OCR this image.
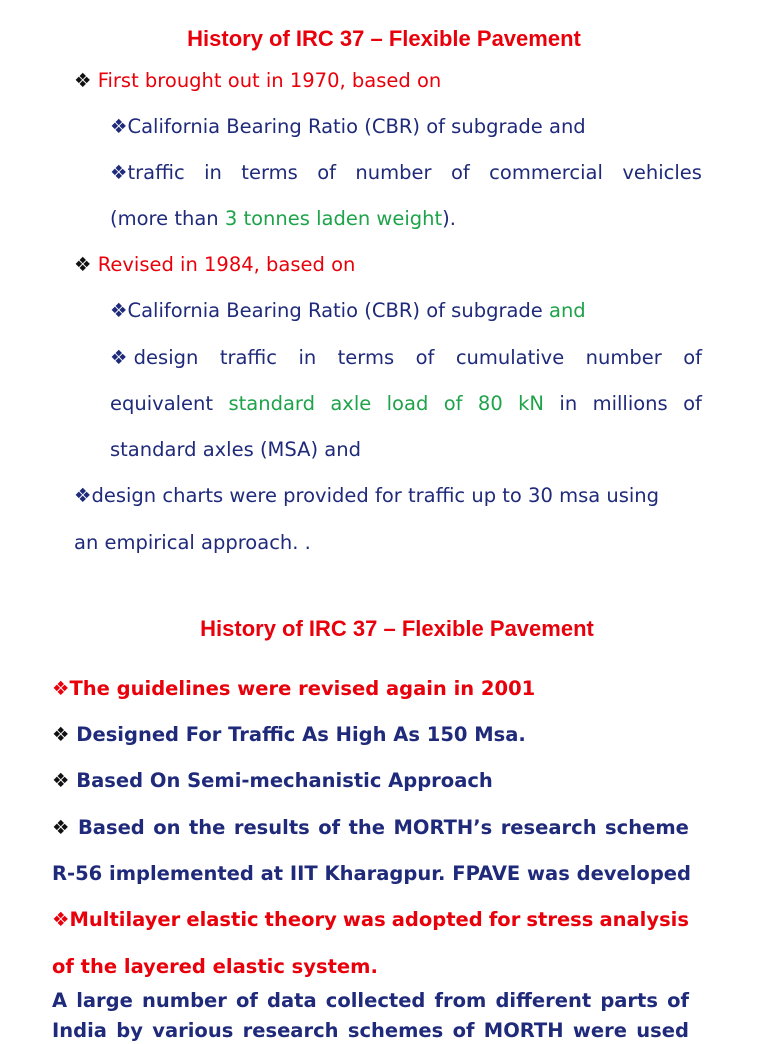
History of IRC 37 – Flexible Pavement
❖ First brought out in 1970, based on
❖California Bearing Ratio (CBR) of subgrade and
❖traffic in terms of number of commercial vehicles
(more than 3 tonnes laden weight).
❖ Revised in 1984, based on
❖California Bearing Ratio (CBR) of subgrade and
❖ design traffic in terms of cumulative number of
equivalent standard axle load of 80 kN in millions of
standard axles (MSA) and
❖design charts were provided for traffic up to 30 msa using
an empirical approach. .
History of IRC 37 – Flexible Pavement
❖The guidelines were revised again in 2001
❖ Designed For Traffic As High As 150 Msa.
❖ Based On Semi-mechanistic Approach
❖ Based on the results of the MORTH’s research scheme
R-56 implemented at IIT Kharagpur. FPAVE was developed
❖Multilayer elastic theory was adopted for stress analysis
of the layered elastic system.
A large number of data collected from different parts of
India by various research schemes of MORTH were used
